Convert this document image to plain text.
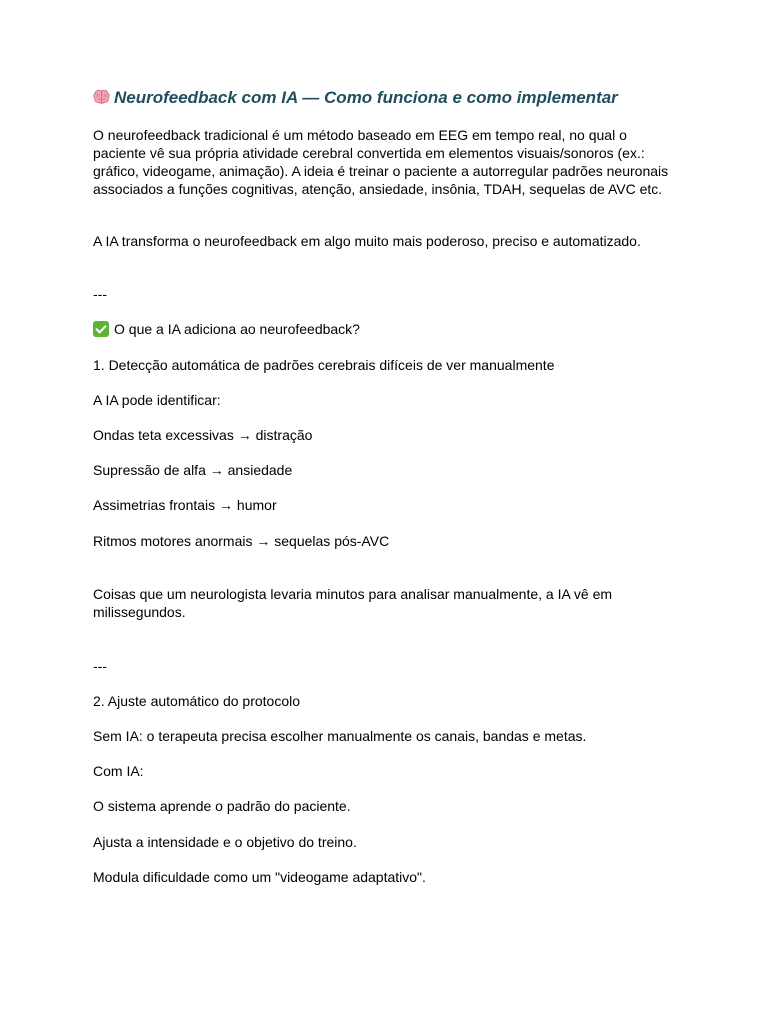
Neurofeedback com IA — Como funciona e como implementar

O neurofeedback tradicional é um método baseado em EEG em tempo real, no qual o paciente vê sua própria atividade cerebral convertida em elementos visuais/sonoros (ex.: gráfico, videogame, animação). A ideia é treinar o paciente a autorregular padrões neuronais associados a funções cognitivas, atenção, ansiedade, insônia, TDAH, sequelas de AVC etc.

A IA transforma o neurofeedback em algo muito mais poderoso, preciso e automatizado.

---

O que a IA adiciona ao neurofeedback?

1. Detecção automática de padrões cerebrais difíceis de ver manualmente

A IA pode identificar:

Ondas teta excessivas → distração

Supressão de alfa → ansiedade

Assimetrias frontais → humor

Ritmos motores anormais → sequelas pós-AVC

Coisas que um neurologista levaria minutos para analisar manualmente, a IA vê em milissegundos.

---

2. Ajuste automático do protocolo

Sem IA: o terapeuta precisa escolher manualmente os canais, bandas e metas.

Com IA:

O sistema aprende o padrão do paciente.

Ajusta a intensidade e o objetivo do treino.

Modula dificuldade como um "videogame adaptativo".
